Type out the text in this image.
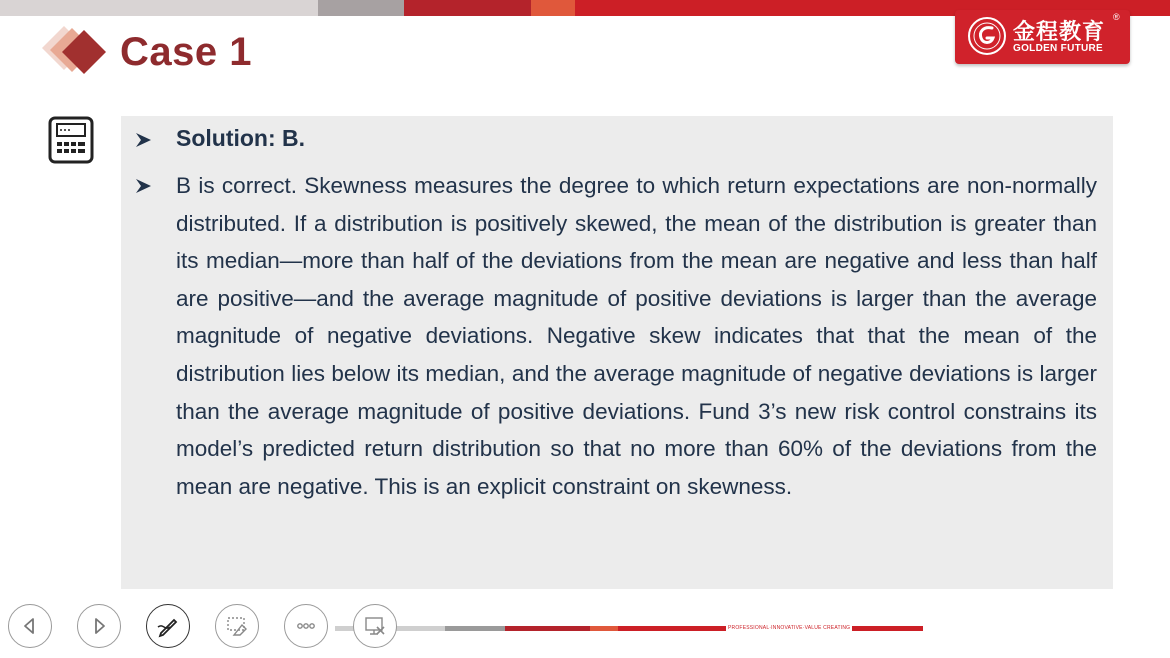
金程教育
®
GOLDEN FUTURE
Case 1
Solution: B.

B is correct. Skewness measures the degree to which return expectations are non-normally distributed. If a distribution is positively skewed, the mean of the distribution is greater than its median—more than half of the deviations from the mean are negative and less than half are positive—and the average magnitude of positive deviations is larger than the average magnitude of negative deviations. Negative skew indicates that that the mean of the distribution lies below its median, and the average magnitude of negative deviations is larger than the average magnitude of positive deviations. Fund 3’s new risk control constrains its model’s predicted return distribution so that no more than 60% of the deviations from the mean are negative. This is an explicit constraint on skewness.

PROFESSIONAL·INNOVATIVE·VALUE CREATING
